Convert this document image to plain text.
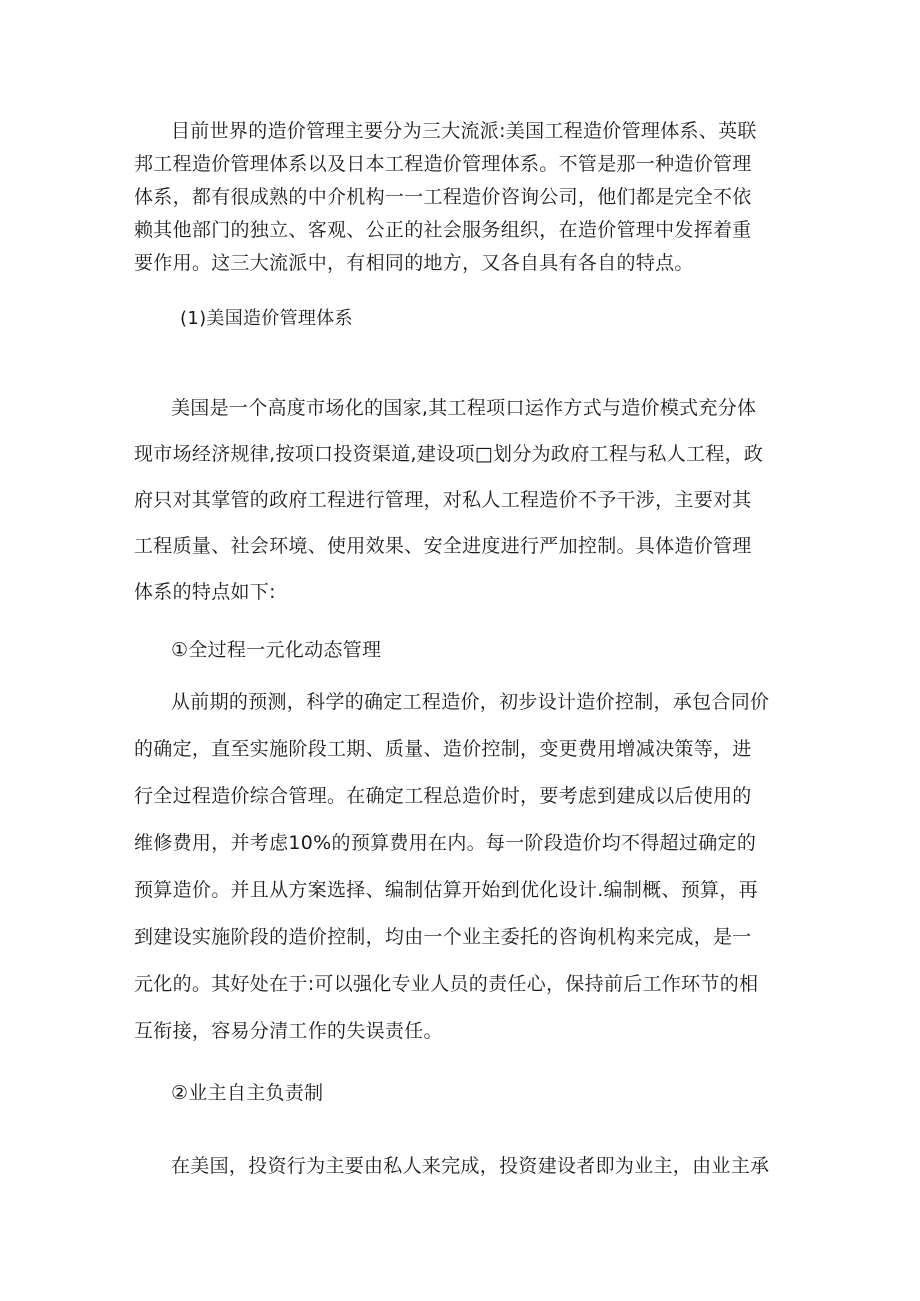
目前世界的造价管理主要分为三大流派:美国工程造价管理体系、英联
邦工程造价管理体系以及日本工程造价管理体系。不管是那一种造价管理
体系，都有很成熟的中介机构一一工程造价咨询公司，他们都是完全不依
赖其他部门的独立、客观、公正的社会服务组织，在造价管理中发挥着重
要作用。这三大流派中，有相同的地方，又各自具有各自的特点。
(1)美国造价管理体系
美国是一个高度市场化的国家,其工程项口运作方式与造价模式充分体
现市场经济规律,按项口投资渠道,建设项□划分为政府工程与私人工程，政
府只对其掌管的政府工程进行管理，对私人工程造价不予干涉，主要对其
工程质量、社会环境、使用效果、安全进度进行严加控制。具体造价管理
体系的特点如下:
①全过程一元化动态管理
从前期的预测，科学的确定工程造价，初步设计造价控制，承包合同价
的确定，直至实施阶段工期、质量、造价控制，变更费用增减决策等，进
行全过程造价综合管理。在确定工程总造价时，要考虑到建成以后使用的
维修费用，并考虑10%的预算费用在内。每一阶段造价均不得超过确定的
预算造价。并且从方案选择、编制估算开始到优化设计.编制概、预算，再
到建设实施阶段的造价控制，均由一个业主委托的咨询机构来完成，是一
元化的。其好处在于:可以强化专业人员的责任心，保持前后工作环节的相
互衔接，容易分清工作的失误责任。
②业主自主负责制
在美国，投资行为主要由私人来完成，投资建设者即为业主，由业主承
